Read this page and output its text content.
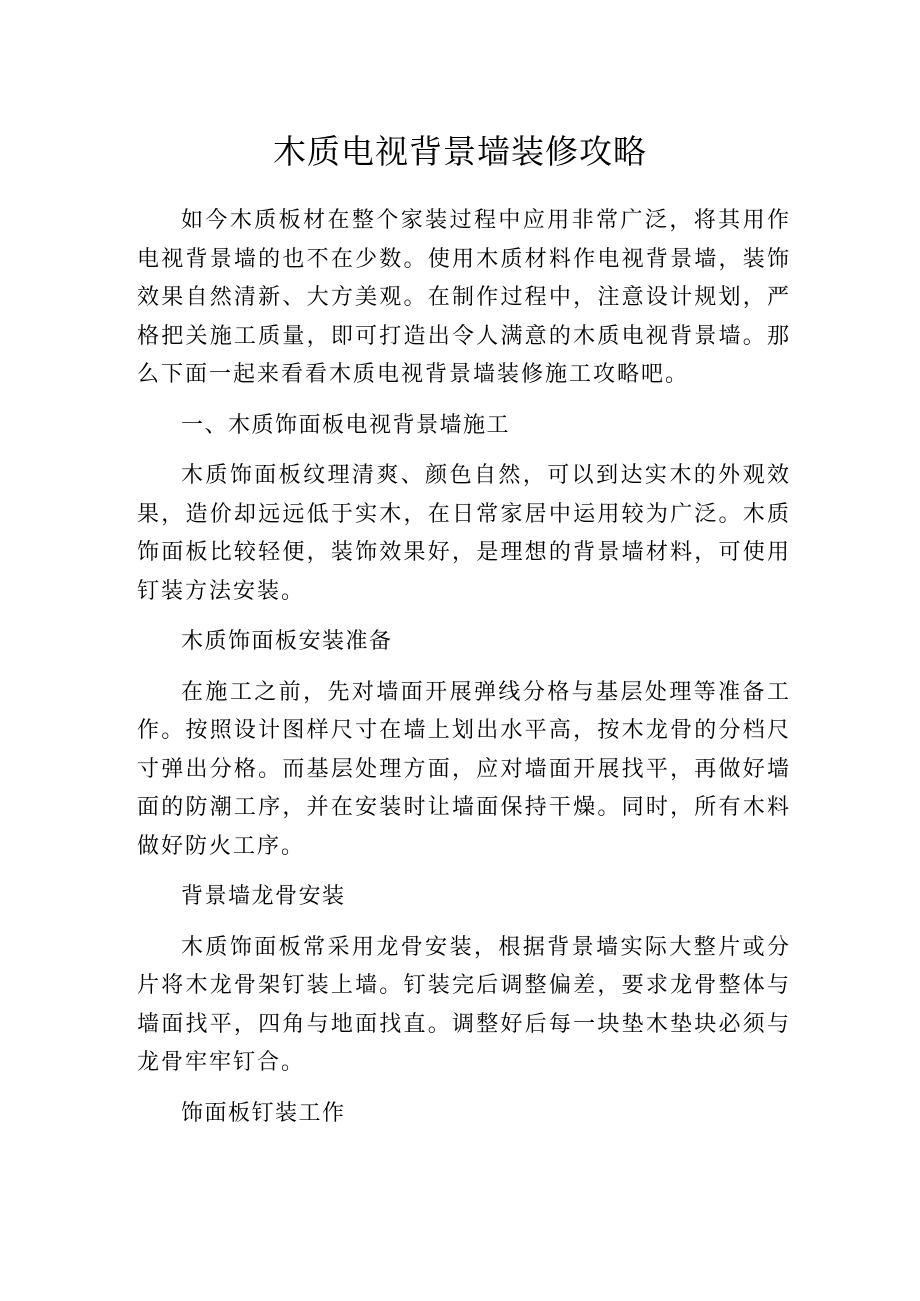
木质电视背景墙装修攻略

如今木质板材在整个家装过程中应用非常广泛，将其用作电视背景墙的也不在少数。使用木质材料作电视背景墙，装饰效果自然清新、大方美观。在制作过程中，注意设计规划，严格把关施工质量，即可打造出令人满意的木质电视背景墙。那么下面一起来看看木质电视背景墙装修施工攻略吧。

一、木质饰面板电视背景墙施工

木质饰面板纹理清爽、颜色自然，可以到达实木的外观效果，造价却远远低于实木，在日常家居中运用较为广泛。木质饰面板比较轻便，装饰效果好，是理想的背景墙材料，可使用钉装方法安装。

木质饰面板安装准备

在施工之前，先对墙面开展弹线分格与基层处理等准备工作。按照设计图样尺寸在墙上划出水平高，按木龙骨的分档尺寸弹出分格。而基层处理方面，应对墙面开展找平，再做好墙面的防潮工序，并在安装时让墙面保持干燥。同时，所有木料做好防火工序。

背景墙龙骨安装

木质饰面板常采用龙骨安装，根据背景墙实际大整片或分片将木龙骨架钉装上墙。钉装完后调整偏差，要求龙骨整体与墙面找平，四角与地面找直。调整好后每一块垫木垫块必须与龙骨牢牢钉合。

饰面板钉装工作
